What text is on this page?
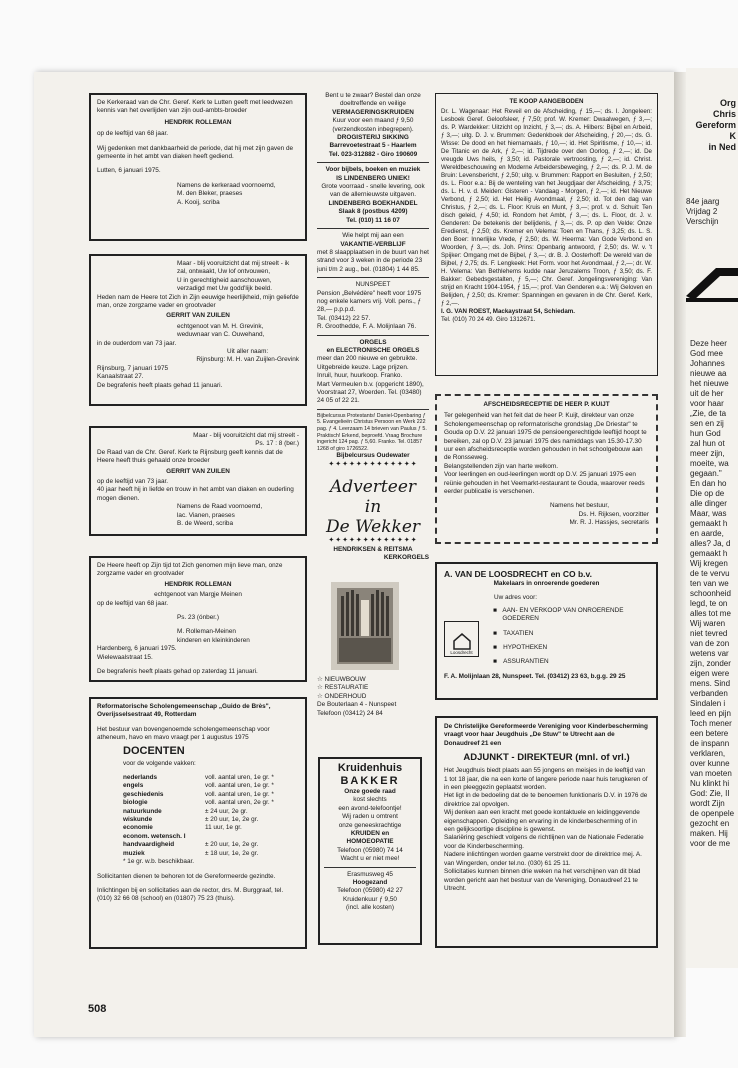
De Kerkeraad van de Chr. Geref. Kerk te Lutten geeft met leedwezen kennis van het overlijden van zijn oud-ambts-broeder
HENDRIK ROLLEMAN
op de leeftijd van 68 jaar.
Wij gedenken met dankbaarheid de periode, dat hij met zijn gaven de gemeente in het ambt van diaken heeft gediend.
Lutten, 6 januari 1975.
Namens de kerkeraad voornoemd,
M. den Bleker, praeses
A. Kooij, scriba
Maar - blij vooruitzicht dat mij streelt - ik zal, ontwaakt, Uw lof ontvouwen,
U in gerechtigheid aanschouwen,
verzadigd met Uw godd'lijk beeld.
Heden nam de Heere tot Zich in Zijn eeuwige heerlijkheid, mijn geliefde man, onze zorgzame vader en grootvader
GERRIT VAN ZUILEN
echtgenoot van M. H. Grevink,
weduwnaar van C. Ouwehand,
in de ouderdom van 73 jaar.
Uit aller naam:
Rijnsburg: M. H. van Zuijlen-Grevink
Rijnsburg, 7 januari 1975
Kanaalstraat 27.
De begrafenis heeft plaats gehad 11 januari.
Maar - blij vooruitzicht dat mij streelt -
Ps. 17 : 8 (ber.)
De Raad van de Chr. Geref. Kerk te Rijnsburg geeft kennis dat de Heere heeft thuis gehaald onze broeder
GERRIT VAN ZUILEN
op de leeftijd van 73 jaar.
40 jaar heeft hij in liefde en trouw in het ambt van diaken en ouderling mogen dienen.
Namens de Raad voornoemd,
lac. Vianen, praeses
B. de Weerd, scriba
De Heere heeft op Zijn tijd tot Zich genomen mijn lieve man, onze zorgzame vader en grootvader
HENDRIK ROLLEMAN
echtgenoot van Margje Meinen
op de leeftijd van 68 jaar.
Ps. 23 (ónber.)
M. Rolleman-Meinen
kinderen en kleinkinderen
Hardenberg, 6 januari 1975.
Wielewaalstraat 15.
De begrafenis heeft plaats gehad op zaterdag 11 januari.
Reformatorische Scholengemeenschap „Guido de Brès",
Overijsselsestraat 49, Rotterdam
Het bestuur van bovengenoemde scholengemeenschap voor atheneum, havo en mavo vraagt per 1 augustus 1975
DOCENTEN
voor de volgende vakken:
nederlands	voll. aantal uren, 1e gr. *
engels	voll. aantal uren, 1e gr. *
geschiedenis	voll. aantal uren, 1e gr. *
biologie	voll. aantal uren, 2e gr. *
natuurkunde	± 24 uur, 2e gr.
wiskunde	± 20 uur, 1e, 2e gr.
economie	11 uur, 1e gr.
econom. wetensch. I
handvaardigheid	± 20 uur, 1e, 2e gr.
muziek	± 18 uur, 1e, 2e gr.
* 1e gr. w.b. beschikbaar.
Sollicitanten dienen te behoren tot de Gereformeerde gezindte.
Inlichtingen bij en sollicitaties aan de rector, drs. M. Burggraaf, tel. (010) 32 66 08 (school) en (01807) 75 23 (thuis).
Bent u te zwaar? Bestel dan onze doeltreffende en veilige
VERMAGERINGSKRUIDEN
Kuur voor een maand ƒ 9,50 (verzendkosten inbegrepen).
DROGISTERIJ SIKKING
Barrevoetestraat 5 - Haarlem
Tel. 023-312882 - Giro 190609
Voor bijbels, boeken en muziek
IS LINDENBERG UNIEK!
Grote voorraad - snelle levering, ook van de allernieuwste uitgaven.
LINDENBERG BOEKHANDEL
Slaak 8 (postbus 4209)
Tel. (010) 11 16 07
Wie helpt mij aan een
VAKANTIE-VERBLIJF
met 8 slaapplaatsen in de buurt van het strand voor 3 weken in de periode 23 juni t/m 2 aug., bel. (01804) 1 44 85.
NUNSPEET
Pension „Belvédère" heeft voor 1975 nog enkele kamers vrij. Voll. pens., ƒ 28,— p.p.p.d.
Tel. (03412) 22 57.
R. Groothedde, F. A. Molijnlaan 76.
ORGELS
en ELECTRONISCHE ORGELS
meer dan 200 nieuwe en gebruikte. Uitgebreide keuze. Lage prijzen.
Inruil, huur, huurkoop. Franko.
Mart Vermeulen b.v. (opgericht 1890), Voorstraat 27, Woerden. Tel. (03480) 24 05 of 22 21.
Bijbelcursus Protestants! Daniel-Openbaring ƒ 5. Evangelieën Christus Persoon en Werk 222 pag. ƒ 4. Leerzaam 14 brieven van Paulus ƒ 5. Praktisch! Erkend, beproefd. Vraag Brochure ingericht 124 pag. ƒ 5,60. Franko. Tel. 01857 1268 of giro 1726522.
Bijbelcursus Oudewater
✦✦✦✦✦✦✦✦✦✦✦✦✦
Adverteer
in
De Wekker
✦✦✦✦✦✦✦✦✦✦✦✦✦
HENDRIKSEN & REITSMA
KERKORGELS
☆ NIEUWBOUW
☆ RESTAURATIE
☆ ONDERHOUD
De Bouterlaan 4 - Nunspeet
Telefoon (03412) 24 84
Kruidenhuis
BAKKER
Onze goede raad
kost slechts
een avond-telefoontje!
Wij raden u omtrent
onze geneeskrachtige
KRUIDEN en
HOMOEOPATIE
Telefoon (05980) 74 14
Wacht u er niet mee!
Erasmusweg 45
Hoogezand
Telefoon (05980) 42 27
Kruidenkuur ƒ 9,50
(incl. alle kosten)
TE KOOP AANGEBODEN
Dr. L. Wagenaar: Het Reveil en de Afscheiding, ƒ 15,—; ds. I. Jongeleen: Lesboek Geref. Geloofsleer, ƒ 7,50; prof. W. Kremer: Dwaalwegen, ƒ 3,—; ds. P. Wardekker: Uitzicht op Inzicht, ƒ 3,—; ds. A. Hilbers: Bijbel en Arbeid, ƒ 3,—; uitg. D. J. v. Brummen: Gedenkboek der Afscheiding, ƒ 20,—; ds. G. Wisse: De dood en het hiernamaals, ƒ 10,—; id. Het Spiritisme, ƒ 10,—; id. De Titanic en de Ark, ƒ 2,—; id. Tijdrede over den Oorlog, ƒ 2,—; id. De vreugde Uws heils, ƒ 3,50; id. Pastorale vertroosting, ƒ 2,—; id. Christ. Wereldbeschouwing en Moderne Arbeidersbeweging, ƒ 2,—; ds. P. J. M. de Bruin: Levensbericht, ƒ 2,50; uitg. v. Brummen: Rapport en Besluiten, ƒ 2,50; ds. L. Floor e.a.: Bij de wenteling van het Jeugdjaar der Afscheiding, ƒ 3,75; ds. L. H. v. d. Meiden: Gisteren - Vandaag - Morgen, ƒ 2,—; id. Het Nieuwe Verbond, ƒ 2,50; id. Het Heilig Avondmaal, ƒ 2,50; id. Tot den dag van Christus, ƒ 2,—; ds. L. Floor: Kruis en Munt, ƒ 3,—; prof. v. d. Schuit: Ten disch geleid, ƒ 4,50; id. Rondom het Ambt, ƒ 3,—; ds. L. Floor, dr. J. v. Genderen: De betekenis der belijdenis, ƒ 3,—; ds. P. op den Velde: Onze Eredienst, ƒ 2,50; ds. Kremer en Velema: Toen en Thans, ƒ 3,25; ds. L. S. den Boer: Innerlijke Vrede, ƒ 2,50; ds. W. Heerma: Van Gode Verbond en Woorden, ƒ 3,—; ds. Joh. Prins: Openbarig antwoord, ƒ 2,50; ds. W. v. 't Spijker: Omgang met de Bijbel, ƒ 3,—; dr. B. J. Oosterhoff: De wereld van de Bijbel, ƒ 2,75; ds. F. Lengkeek: Het Form. voor het Avondmaal, ƒ 2,—; dr. W. H. Velema: Van Bethlehems kudde naar Jeruzalems Troon, ƒ 3,50; ds. F. Bakker: Gebedsgestalten, ƒ 5,—; Chr. Geref. Jongelingsvereniging: Van strijd en Kracht 1904-1954, ƒ 15,—; prof. Van Genderen e.a.: Wij Geloven en Belijden, ƒ 2,50; ds. Kremer: Spanningen en gevaren in de Chr. Geref. Kerk, ƒ 2,—.
I. G. VAN ROEST, Mackaystraat 54, Schiedam.
Tel. (010) 70 24 49. Giro 1312671.
AFSCHEIDSRECEPTIE DE HEER P. KUIJT
Ter gelegenheid van het feit dat de heer P. Kuijt, direkteur van onze Scholengemeenschap op reformatorische grondslag „De Driestar" te Gouda op D.V. 22 januari 1975 de pensioengerechtigde leeftijd hoopt te bereiken, zal op D.V. 23 januari 1975 des namiddags van 15.30-17.30 uur een afscheidsreceptie worden gehouden in het schoolgebouw aan de Ronsseweg.
Belangstellenden zijn van harte welkom.
Voor leerlingen en oud-leerlingen wordt op D.V. 25 januari 1975 een reünie gehouden in het Veemarkt-restaurant te Gouda, waarover reeds eerder publicatie is verschenen.
Namens het bestuur,
Ds. H. Rijksen, voorzitter
Mr. R. J. Hassjes, secretaris
A. VAN DE LOOSDRECHT en CO b.v.
Makelaars in onroerende goederen
Uw adres voor:
Loosdrecht
■ AAN- EN VERKOOP VAN ONROERENDE GOEDEREN
■ TAXATIEN
■ HYPOTHEKEN
■ ASSURANTIEN
F. A. Molijnlaan 28, Nunspeet. Tel. (03412) 23 63, b.g.g. 29 25
De Christelijke Gereformeerde Vereniging voor Kinderbescherming vraagt voor haar Jeugdhuis „De Stuw" te Utrecht aan de Donaudreef 21 een
ADJUNKT - DIREKTEUR (mnl. of vrl.)
Het Jeugdhuis biedt plaats aan 55 jongens en meisjes in de leeftijd van 1 tot 18 jaar, die na een korte of langere periode naar huis terugkeren of in een pleeggezin geplaatst worden.
Het ligt in de bedoeling dat de te benoemen funktionaris D.V. in 1976 de direktrice zal opvolgen.
Wij denken aan een kracht met goede kontaktuele en leidinggevende eigenschappen. Opleiding en ervaring in de kinderbescherming of in een gelijksoortige discipline is gewenst.
Salariëring geschiedt volgens de richtlijnen van de Nationale Federatie voor de Kinderbescherming.
Nadere inlichtingen worden gaarne verstrekt door de direktrice mej. A. van Wingerden, onder tel.no. (030) 61 25 11.
Sollicitaties kunnen binnen drie weken na het verschijnen van dit blad worden gericht aan het bestuur van de Vereniging, Donaudreef 21 te Utrecht.
508
Org
Chris
Gereform
K
in Ned
84e jaarg
Vrijdag 2
Verschijn
Deze heer
God mee
Johannes
nieuwe aa
het nieuwe
uit de her
voor haar
„Zie, de ta
sen en zij
hun God
zal hun ot
meer zijn,
moeite, wa
gegaan."
En dan ho
Die op de
alle dinger
Maar, was
gemaakt h
en aarde,
alles? Ja, d
gemaakt h
Wij kregen
de te vervu
ten van we
schoonheid
legd, te on
alles tot me
Wij waren
niet tevred
van de zon
wetens var
zijn, zonder
eigen were
mens. Sind
verbanden
Sindalen i
leed en pijn
Toch mener
een betere
de inspann
verklaren,
over kunne
van moeten
Nu klinkt hi
God: Zie, II
wordt Zijn
de openpele
gezocht en
maken. Hij
voor de me
